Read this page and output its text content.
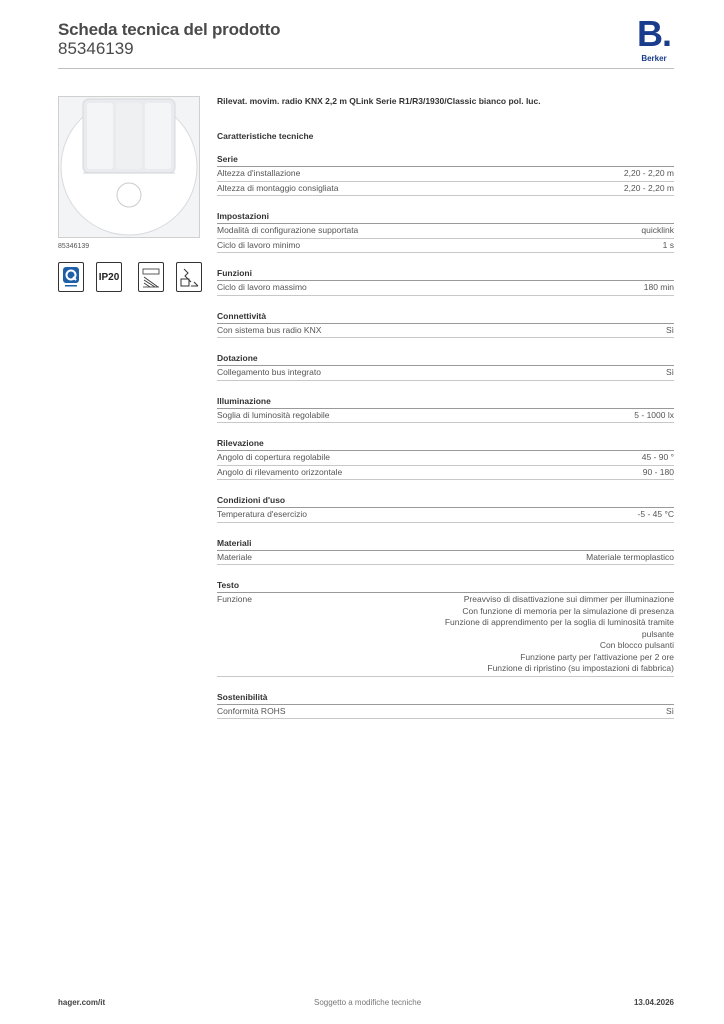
Scheda tecnica del prodotto
85346139	B.
Berker
85346139
IP20
Rilevat. movim. radio KNX 2,2 m QLink Serie R1/R3/1930/Classic bianco pol. luc.
Caratteristiche tecniche
Serie
Altezza d'installazione	2,20 - 2,20 m
Altezza di montaggio consigliata	2,20 - 2,20 m
Impostazioni
Modalità di configurazione supportata	quicklink
Ciclo di lavoro minimo	1 s
Funzioni
Ciclo di lavoro massimo	180 min
Connettività
Con sistema bus radio KNX	Sì
Dotazione
Collegamento bus integrato	Sì
Illuminazione
Soglia di luminosità regolabile	5 - 1000 lx
Rilevazione
Angolo di copertura regolabile	45 - 90 °
Angolo di rilevamento orizzontale	90 - 180
Condizioni d'uso
Temperatura d'esercizio	-5 - 45 °C
Materiali
Materiale	Materiale termoplastico
Testo
Funzione	Preavviso di disattivazione sui dimmer per illuminazione
Con funzione di memoria per la simulazione di presenza
Funzione di apprendimento per la soglia di luminosità tramite
pulsante
Con blocco pulsanti
Funzione party per l'attivazione per 2 ore
Funzione di ripristino (su impostazioni di fabbrica)
Sostenibilità
Conformità ROHS	Sì
hager.com/it	Soggetto a modifiche tecniche	13.04.2026
